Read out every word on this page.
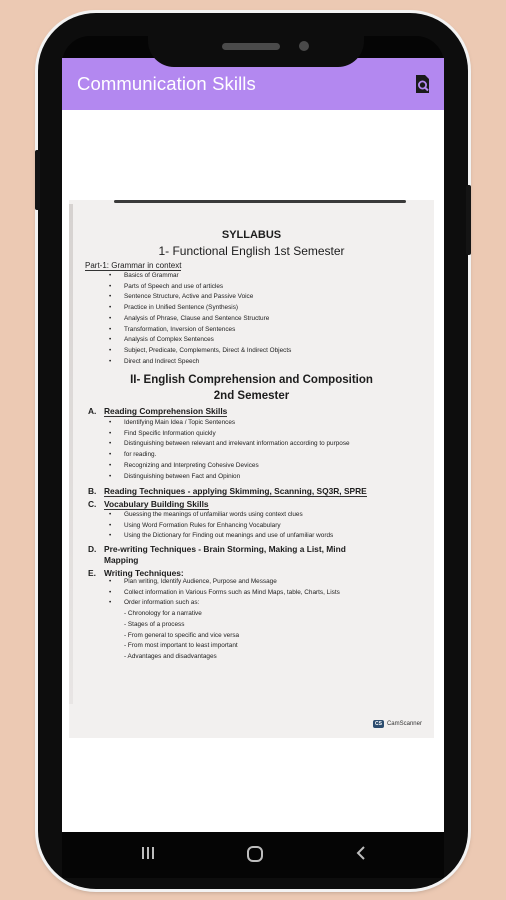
Communication Skills
SYLLABUS
1- Functional English 1st Semester
Part-1: Grammar in context
• Basics of Grammar
• Parts of Speech and use of articles
• Sentence Structure, Active and Passive Voice
• Practice in Unified Sentence (Synthesis)
• Analysis of Phrase, Clause and Sentence Structure
• Transformation, Inversion of Sentences
• Analysis of Complex Sentences
• Subject, Predicate, Complements, Direct & Indirect Objects
• Direct and Indirect Speech
II- English Comprehension and Composition
2nd Semester
A. Reading Comprehension Skills
• Identifying Main Idea / Topic Sentences
• Find Specific Information quickly
• Distinguishing between relevant and irrelevant information according to purpose
• for reading.
• Recognizing and Interpreting Cohesive Devices
• Distinguishing between Fact and Opinion
B. Reading Techniques - applying Skimming, Scanning, SQ3R, SPRE
C. Vocabulary Building Skills
• Guessing the meanings of unfamiliar words using context clues
• Using Word Formation Rules for Enhancing Vocabulary
• Using the Dictionary for Finding out meanings and use of unfamiliar words
D. Pre-writing Techniques - Brain Storming, Making a List, Mind
Mapping
E. Writing Techniques:
• Plan writing, Identify Audience, Purpose and Message
• Collect information in Various Forms such as Mind Maps, table, Charts, Lists
• Order information such as:
- Chronology for a narrative
- Stages of a process
- From general to specific and vice versa
- From most important to least important
- Advantages and disadvantages
CS CamScanner
